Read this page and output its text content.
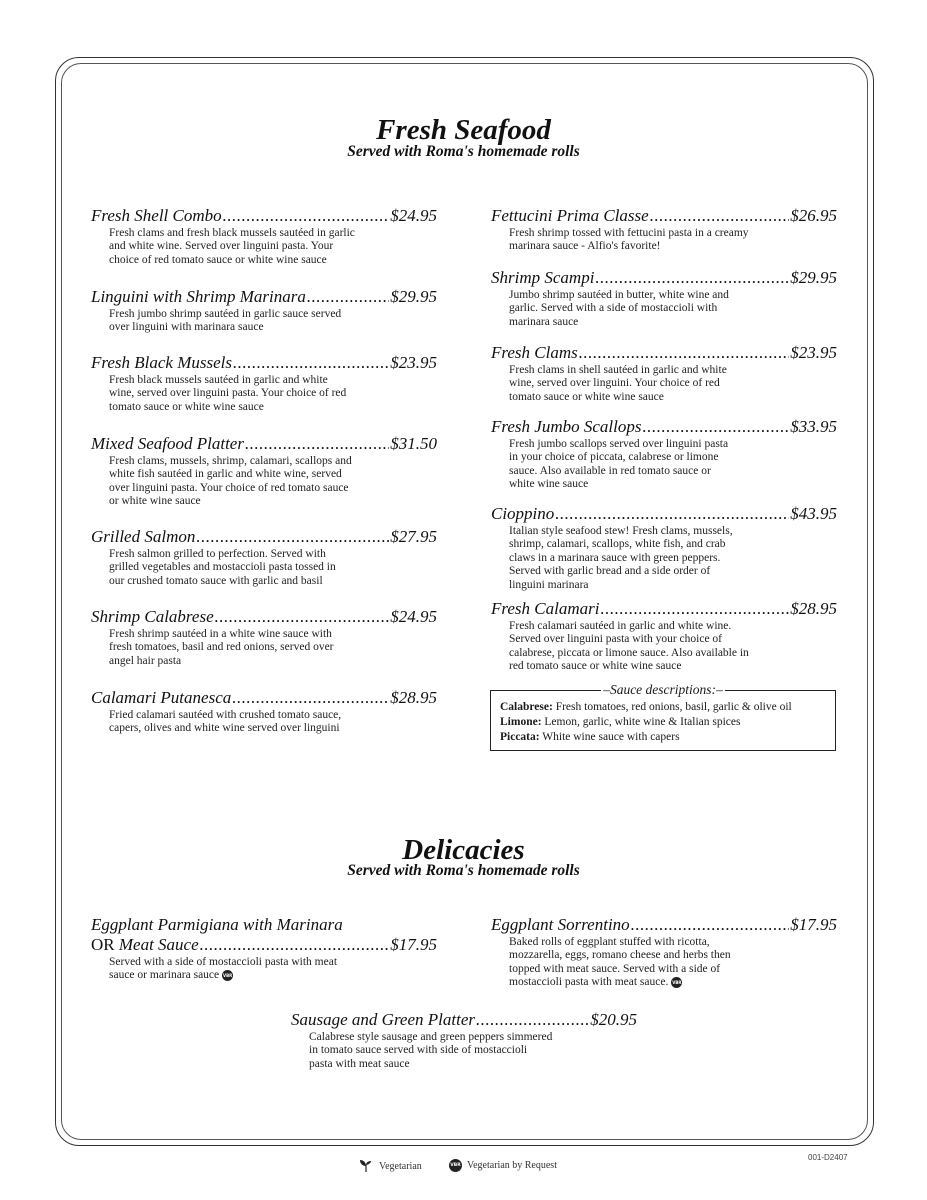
Fresh Seafood
Served with Roma's homemade rolls
Fresh Shell Combo .....	$24.95
Fresh clams and fresh black mussels sautéed in garlic
and white wine. Served over linguini pasta. Your
choice of red tomato sauce or white wine sauce
Linguini with Shrimp Marinara .....	$29.95
Fresh jumbo shrimp sautéed in garlic sauce served
over linguini with marinara sauce
Fresh Black Mussels .....	$23.95
Fresh black mussels sautéed in garlic and white
wine, served over linguini pasta. Your choice of red
tomato sauce or white wine sauce
Mixed Seafood Platter .....	$31.50
Fresh clams, mussels, shrimp, calamari, scallops and
white fish sautéed in garlic and white wine, served
over linguini pasta. Your choice of red tomato sauce
or white wine sauce
Grilled Salmon .....	$27.95
Fresh salmon grilled to perfection. Served with
grilled vegetables and mostaccioli pasta tossed in
our crushed tomato sauce with garlic and basil
Shrimp Calabrese .....	$24.95
Fresh shrimp sautéed in a white wine sauce with
fresh tomatoes, basil and red onions, served over
angel hair pasta
Calamari Putanesca .....	$28.95
Fried calamari sautéed with crushed tomato sauce,
capers, olives and white wine served over linguini
Fettucini Prima Classe .....	$26.95
Fresh shrimp tossed with fettucini pasta in a creamy
marinara sauce - Alfio's favorite!
Shrimp Scampi .....	$29.95
Jumbo shrimp sautéed in butter, white wine and
garlic. Served with a side of mostaccioli with
marinara sauce
Fresh Clams .....	$23.95
Fresh clams in shell sautéed in garlic and white
wine, served over linguini. Your choice of red
tomato sauce or white wine sauce
Fresh Jumbo Scallops .....	$33.95
Fresh jumbo scallops served over linguini pasta
in your choice of piccata, calabrese or limone
sauce. Also available in red tomato sauce or
white wine sauce
Cioppino .....	$43.95
Italian style seafood stew! Fresh clams, mussels,
shrimp, calamari, scallops, white fish, and crab
claws in a marinara sauce with green peppers.
Served with garlic bread and a side order of
linguini marinara
Fresh Calamari .....	$28.95
Fresh calamari sautéed in garlic and white wine.
Served over linguini pasta with your choice of
calabrese, piccata or limone sauce. Also available in
red tomato sauce or white wine sauce
– Sauce descriptions: –
Calabrese: Fresh tomatoes, red onions, basil, garlic & olive oil
Limone: Lemon, garlic, white wine & Italian spices
Piccata: White wine sauce with capers
Delicacies
Served with Roma's homemade rolls
Eggplant Parmigiana with Marinara
OR
Meat Sauce .....	$17.95
Served with a side of mostaccioli pasta with meat
sauce or marinara sauce VBR
Eggplant Sorrentino .....	$17.95
Baked rolls of eggplant stuffed with ricotta,
mozzarella, eggs, romano cheese and herbs then
topped with meat sauce. Served with a side of
mostaccioli pasta with meat sauce. VBR
Sausage and Green Platter .....	$20.95
Calabrese style sausage and green peppers simmered
in tomato sauce served with side of mostaccioli
pasta with meat sauce
Vegetarian	VBR Vegetarian by Request
001-D2407
